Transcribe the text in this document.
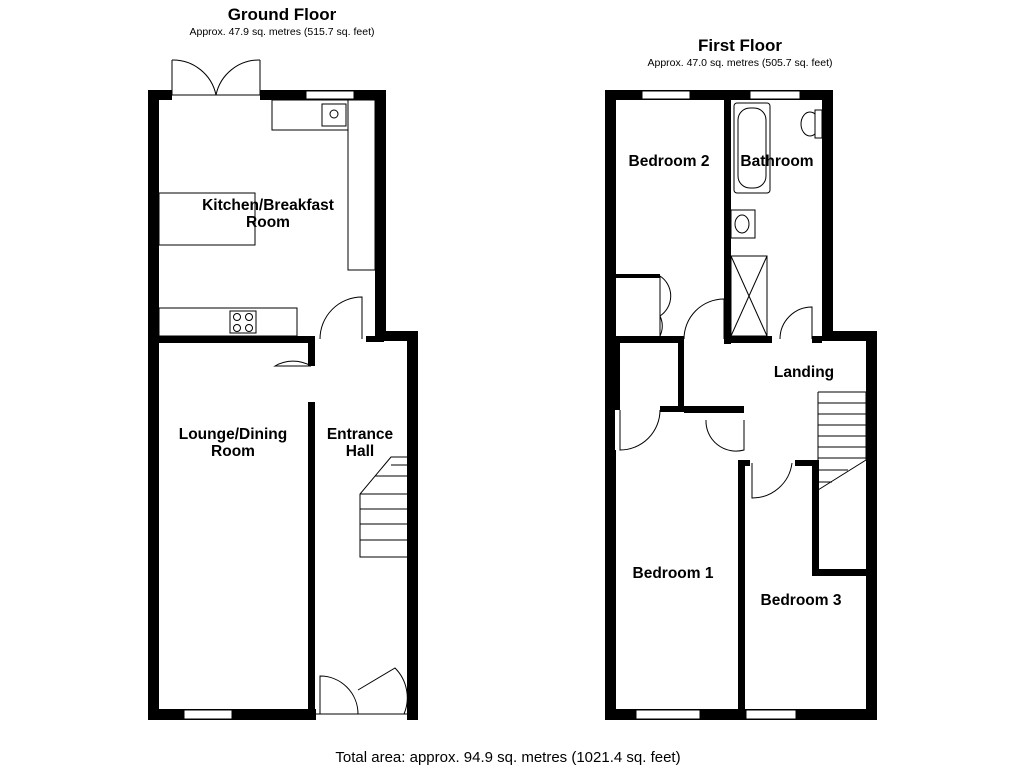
Ground Floor
Approx. 47.9 sq. metres (515.7 sq. feet)
Kitchen/Breakfast
Room
Lounge/Dining
Room
Entrance
Hall
First Floor
Approx. 47.0 sq. metres (505.7 sq. feet)
Bedroom 2 Bathroom
Landing
Bedroom 1
Bedroom 3
Total area: approx. 94.9 sq. metres (1021.4 sq. feet)
